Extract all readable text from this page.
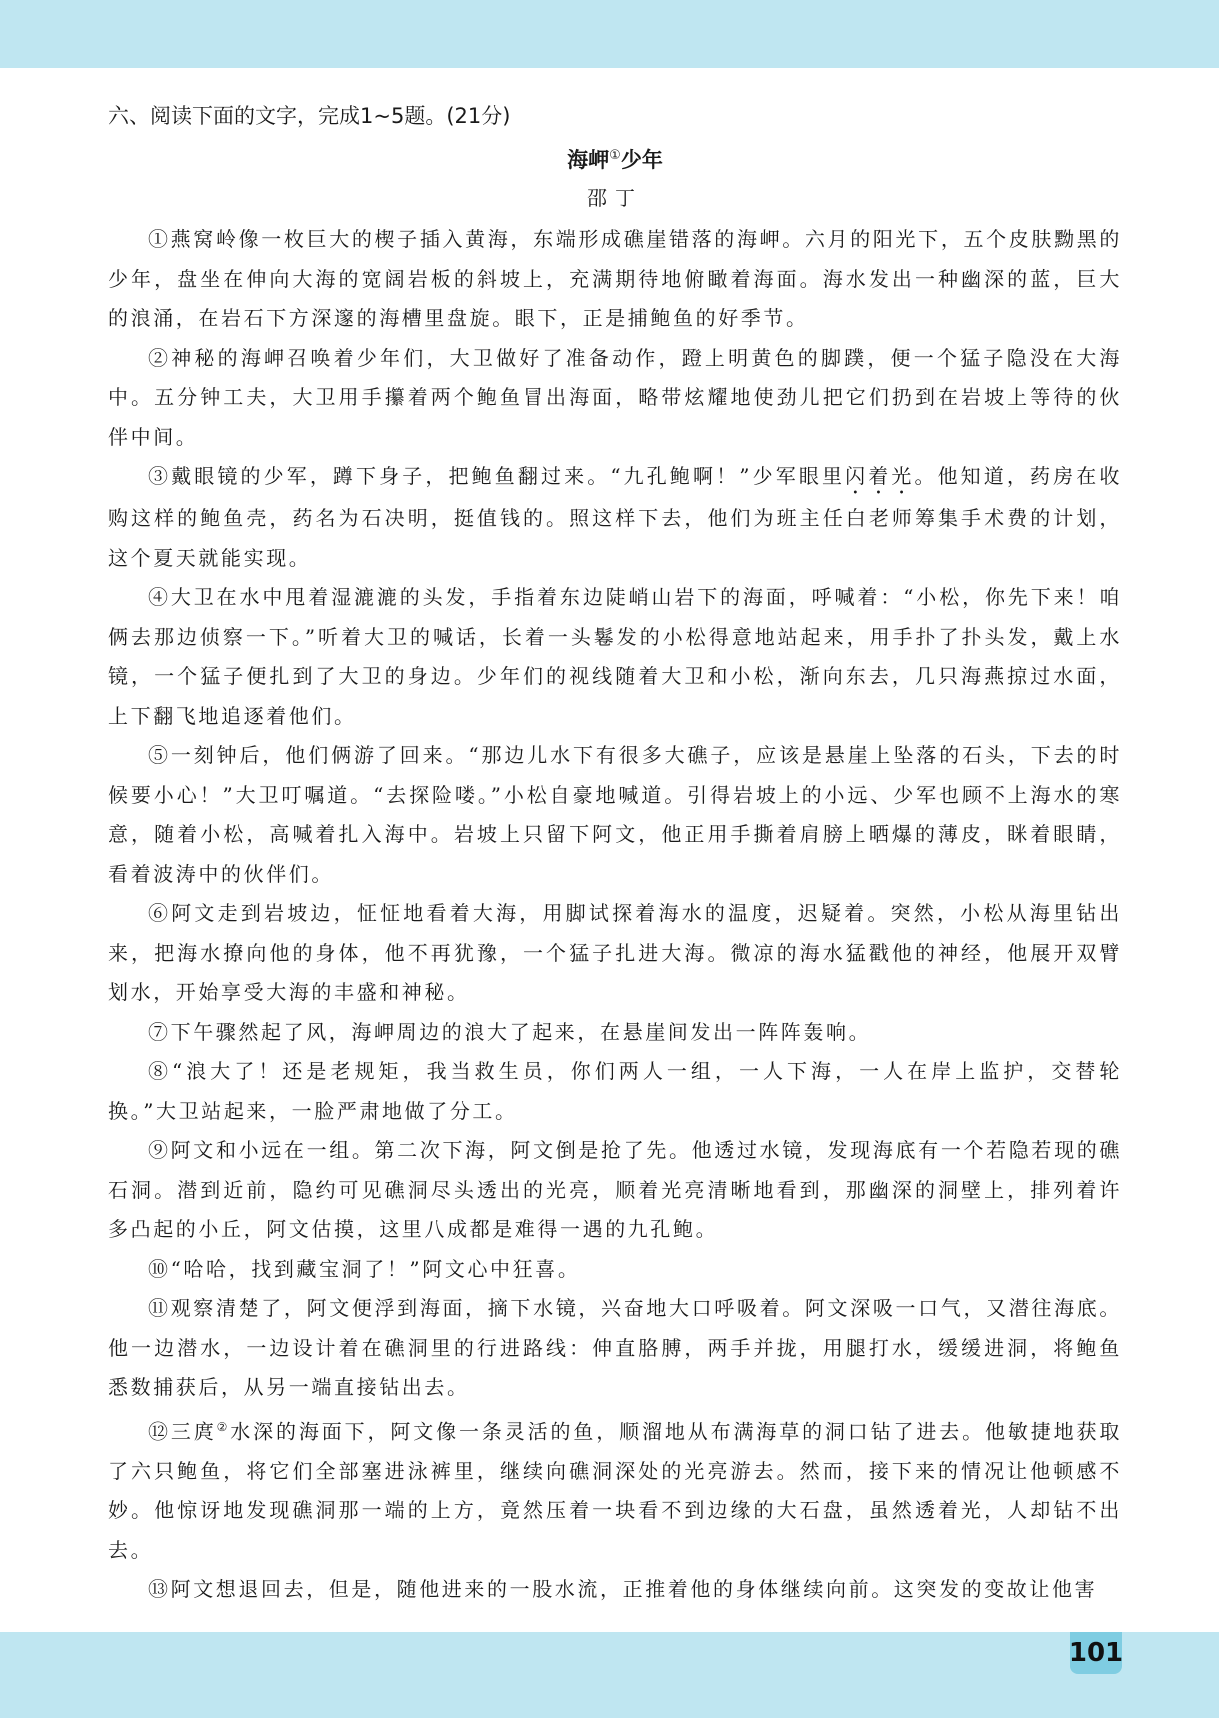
六、阅读下面的文字，完成1~5题。(21分)

海岬①少年

邵丁

①燕窝岭像一枚巨大的楔子插入黄海，东端形成礁崖错落的海岬。六月的阳光下，五个皮肤黝黑的少年，盘坐在伸向大海的宽阔岩板的斜坡上，充满期待地俯瞰着海面。海水发出一种幽深的蓝，巨大的浪涌，在岩石下方深邃的海槽里盘旋。眼下，正是捕鲍鱼的好季节。

②神秘的海岬召唤着少年们，大卫做好了准备动作，蹬上明黄色的脚蹼，便一个猛子隐没在大海中。五分钟工夫，大卫用手攥着两个鲍鱼冒出海面，略带炫耀地使劲儿把它们扔到在岩坡上等待的伙伴中间。

③戴眼镜的少军，蹲下身子，把鲍鱼翻过来。“九孔鲍啊！”少军眼里闪着光。他知道，药房在收购这样的鲍鱼壳，药名为石决明，挺值钱的。照这样下去，他们为班主任白老师筹集手术费的计划，这个夏天就能实现。

④大卫在水中甩着湿漉漉的头发，手指着东边陡峭山岩下的海面，呼喊着：“小松，你先下来！咱俩去那边侦察一下。”听着大卫的喊话，长着一头鬈发的小松得意地站起来，用手扑了扑头发，戴上水镜，一个猛子便扎到了大卫的身边。少年们的视线随着大卫和小松，渐向东去，几只海燕掠过水面，上下翻飞地追逐着他们。

⑤一刻钟后，他们俩游了回来。“那边儿水下有很多大礁子，应该是悬崖上坠落的石头，下去的时候要小心！”大卫叮嘱道。“去探险喽。”小松自豪地喊道。引得岩坡上的小远、少军也顾不上海水的寒意，随着小松，高喊着扎入海中。岩坡上只留下阿文，他正用手撕着肩膀上晒爆的薄皮，眯着眼睛，看着波涛中的伙伴们。

⑥阿文走到岩坡边，怔怔地看着大海，用脚试探着海水的温度，迟疑着。突然，小松从海里钻出来，把海水撩向他的身体，他不再犹豫，一个猛子扎进大海。微凉的海水猛戳他的神经，他展开双臂划水，开始享受大海的丰盛和神秘。

⑦下午骤然起了风，海岬周边的浪大了起来，在悬崖间发出一阵阵轰响。

⑧“浪大了！还是老规矩，我当救生员，你们两人一组，一人下海，一人在岸上监护，交替轮换。”大卫站起来，一脸严肃地做了分工。

⑨阿文和小远在一组。第二次下海，阿文倒是抢了先。他透过水镜，发现海底有一个若隐若现的礁石洞。潜到近前，隐约可见礁洞尽头透出的光亮，顺着光亮清晰地看到，那幽深的洞壁上，排列着许多凸起的小丘，阿文估摸，这里八成都是难得一遇的九孔鲍。

⑩“哈哈，找到藏宝洞了！”阿文心中狂喜。

⑪观察清楚了，阿文便浮到海面，摘下水镜，兴奋地大口呼吸着。阿文深吸一口气，又潜往海底。他一边潜水，一边设计着在礁洞里的行进路线：伸直胳膊，两手并拢，用腿打水，缓缓进洞，将鲍鱼悉数捕获后，从另一端直接钻出去。

⑫三庹②水深的海面下，阿文像一条灵活的鱼，顺溜地从布满海草的洞口钻了进去。他敏捷地获取了六只鲍鱼，将它们全部塞进泳裤里，继续向礁洞深处的光亮游去。然而，接下来的情况让他顿感不妙。他惊讶地发现礁洞那一端的上方，竟然压着一块看不到边缘的大石盘，虽然透着光，人却钻不出去。

⑬阿文想退回去，但是，随他进来的一股水流，正推着他的身体继续向前。这突发的变故让他害

101
